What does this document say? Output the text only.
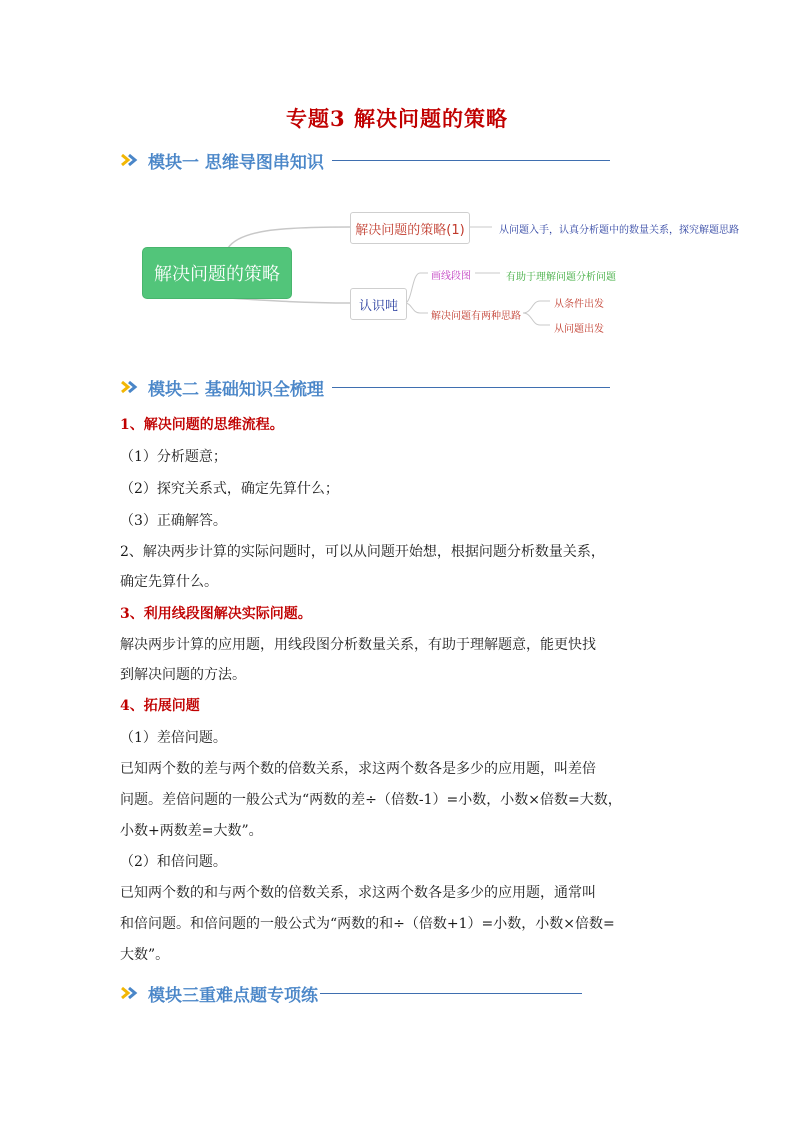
专题3 解决问题的策略
模块一 思维导图串知识
解决问题的策略
解决问题的策略(1)	从问题入手，认真分析题中的数量关系，探究解题思路
认识吨
画线段图	有助于理解问题分析问题
解决问题有两种思路
从条件出发
从问题出发
模块二 基础知识全梳理
1、解决问题的思维流程。
（1）分析题意；
（2）探究关系式，确定先算什么；
（3）正确解答。
2、解决两步计算的实际问题时，可以从问题开始想，根据问题分析数量关系，
确定先算什么。
3、利用线段图解决实际问题。
解决两步计算的应用题，用线段图分析数量关系，有助于理解题意，能更快找
到解决问题的方法。
4、拓展问题
（1）差倍问题。
已知两个数的差与两个数的倍数关系，求这两个数各是多少的应用题，叫差倍
问题。差倍问题的一般公式为“两数的差÷（倍数-1）=小数，小数×倍数=大数，
小数+两数差=大数”。
（2）和倍问题。
已知两个数的和与两个数的倍数关系，求这两个数各是多少的应用题，通常叫
和倍问题。和倍问题的一般公式为“两数的和÷（倍数+1）=小数，小数×倍数=
大数”。
模块三重难点题专项练
